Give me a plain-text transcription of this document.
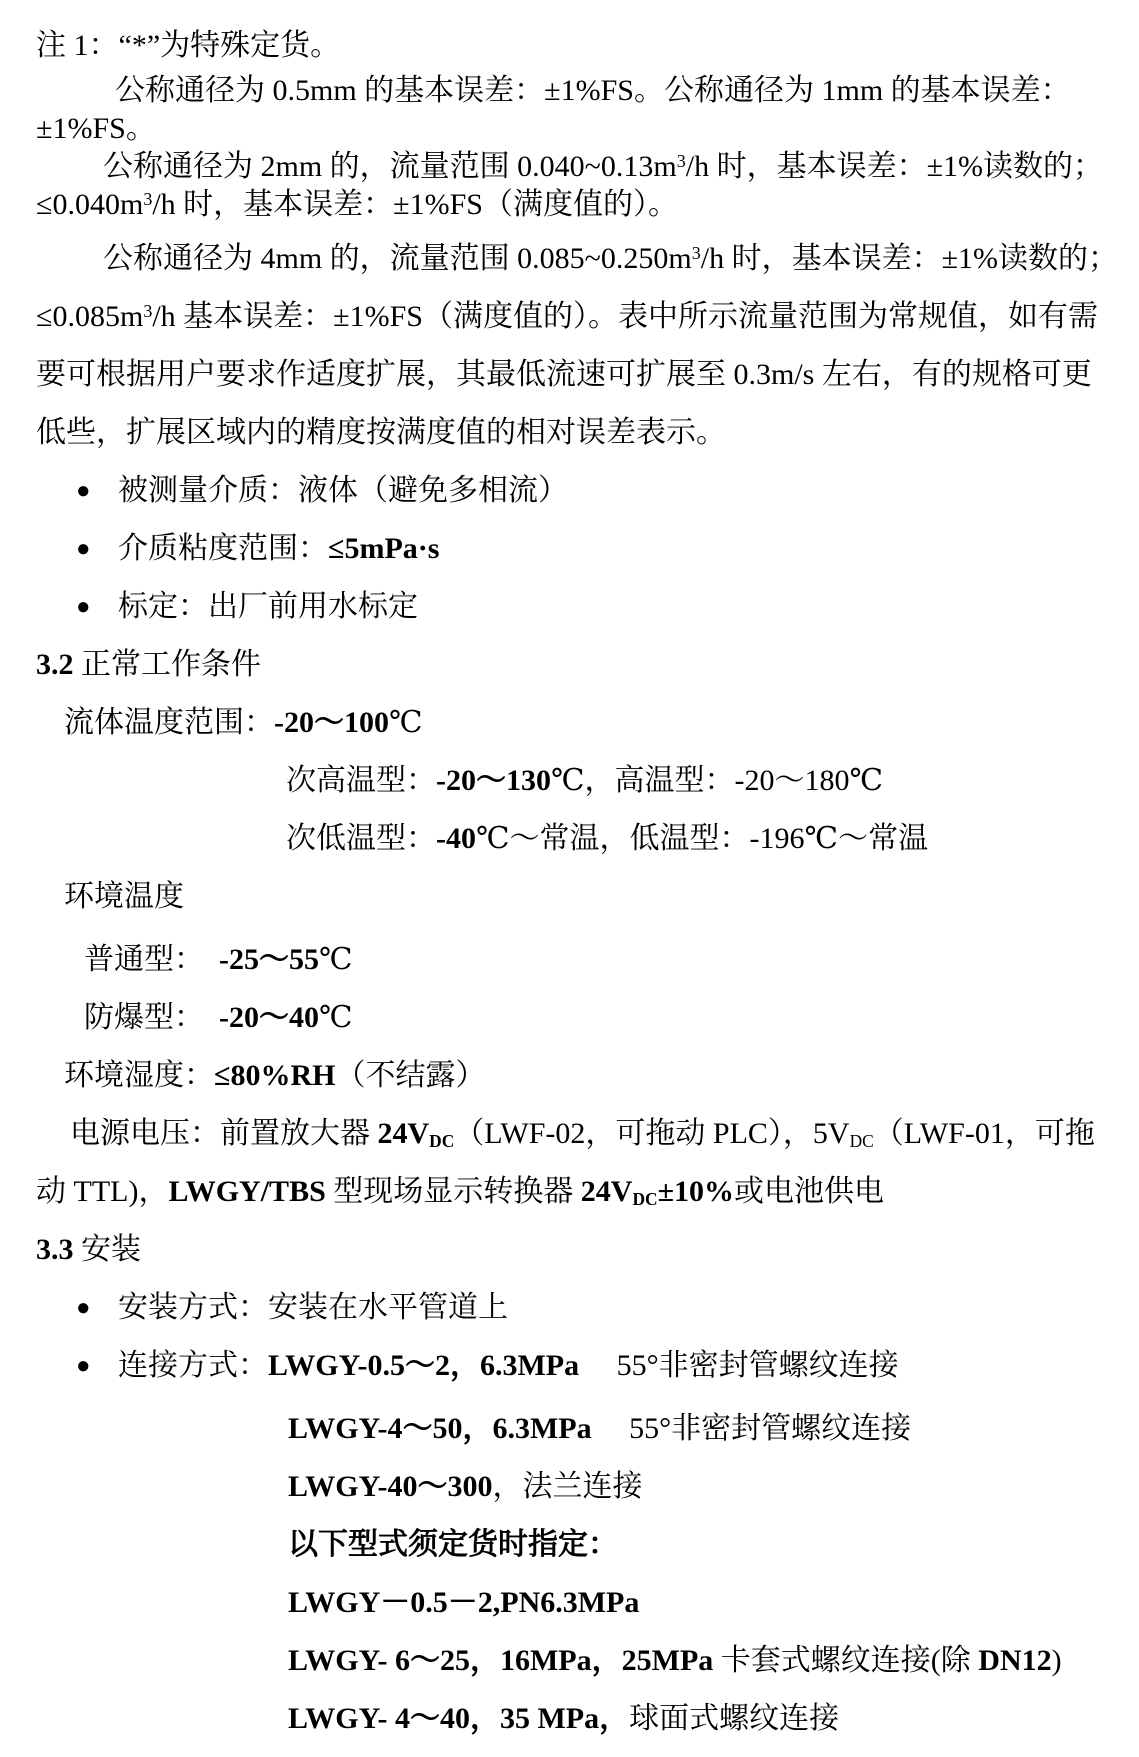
注 1：“*”为特殊定货。
公称通径为 0.5mm 的基本误差：±1%FS。公称通径为 1mm 的基本误差：
±1%FS。
公称通径为 2mm 的，流量范围 $0.040\sim 0.13m^3/h$ 时，基本误差：±1%读数的；
$\le 0.040m^3/h$ 时，基本误差：±1%FS（满度值的）。
公称通径为 4mm 的，流量范围 $0.085\sim 0.250m^3/h$ 时，基本误差：±1%读数的；
$\le 0.085m^3/h$ 基本误差：±1%FS（满度值的）。表中所示流量范围为常规值，如有需
要可根据用户要求作适度扩展，其最低流速可扩展至 0.3m/s 左右，有的规格可更
低些，扩展区域内的精度按满度值的相对误差表示。
● 被测量介质：液体（避免多相流）
● 介质粘度范围：≤5mPa·s
● 标定：出厂前用水标定
3.2 正常工作条件
流体温度范围：-20～100℃
次高温型：-20～130℃，高温型：-20～180℃
次低温型：-40℃～常温，低温型：-196℃～常温
环境温度
普通型：　-25～55℃
防爆型：　-20～40℃
环境湿度：≤80%RH（不结露）
电源电压：前置放大器 $24V_{DC}(LWF-02$，可拖动 PLC），$5V_{DC}(LWF-01$，可拖
动 TTL)，LWGY/TBS 型现场显示转换器 $24V_{DC}\pm 10\%$或电池供电
3.3 安装
● 安装方式：安装在水平管道上
● 连接方式：LWGY-0.5～2，6.3MPa　 55°非密封管螺纹连接
LWGY-4～50，6.3MPa　 55°非密封管螺纹连接
LWGY-40～300，法兰连接
以下型式须定货时指定：
LWGY－0.5－2,PN6.3MPa
LWGY- 6～25，16MPa，25MPa 卡套式螺纹连接(除 DN12)
LWGY- 4～40，35 MPa，球面式螺纹连接
